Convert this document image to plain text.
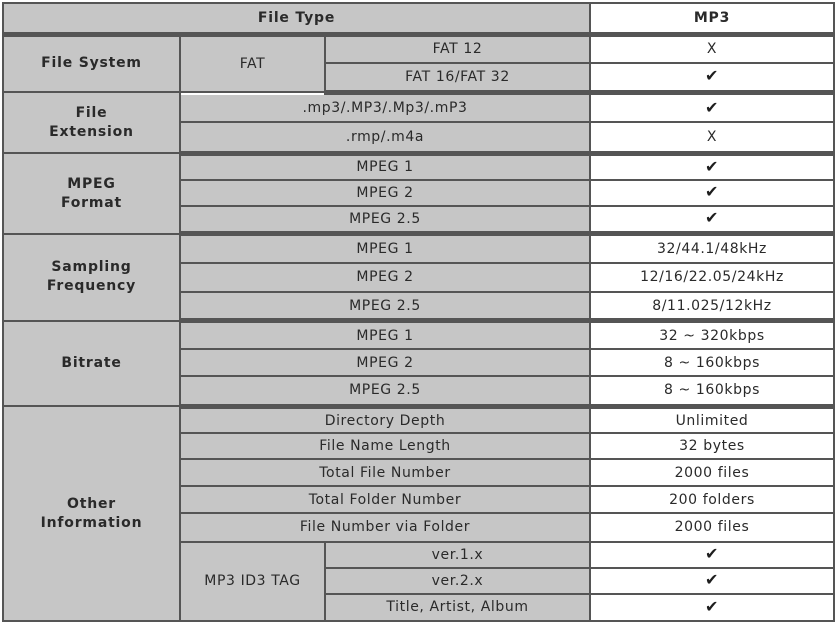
File Type			MP3
File System	FAT	FAT 12	X
		FAT 16/FAT 32	✔
File
Extension	.mp3/.MP3/.Mp3/.mP3		✔
	.rmp/.m4a		X
MPEG
Format	MPEG 1		✔
	MPEG 2		✔
	MPEG 2.5		✔
Sampling
Frequency	MPEG 1		32/44.1/48kHz
	MPEG 2		12/16/22.05/24kHz
	MPEG 2.5		8/11.025/12kHz
Bitrate	MPEG 1		32 ~ 320kbps
	MPEG 2		8 ~ 160kbps
	MPEG 2.5		8 ~ 160kbps
Other
Information	Directory Depth		Unlimited
	File Name Length		32 bytes
	Total File Number		2000 files
	Total Folder Number		200 folders
	File Number via Folder		2000 files
	MP3 ID3 TAG	ver.1.x	✔
		ver.2.x	✔
		Title, Artist, Album	✔
